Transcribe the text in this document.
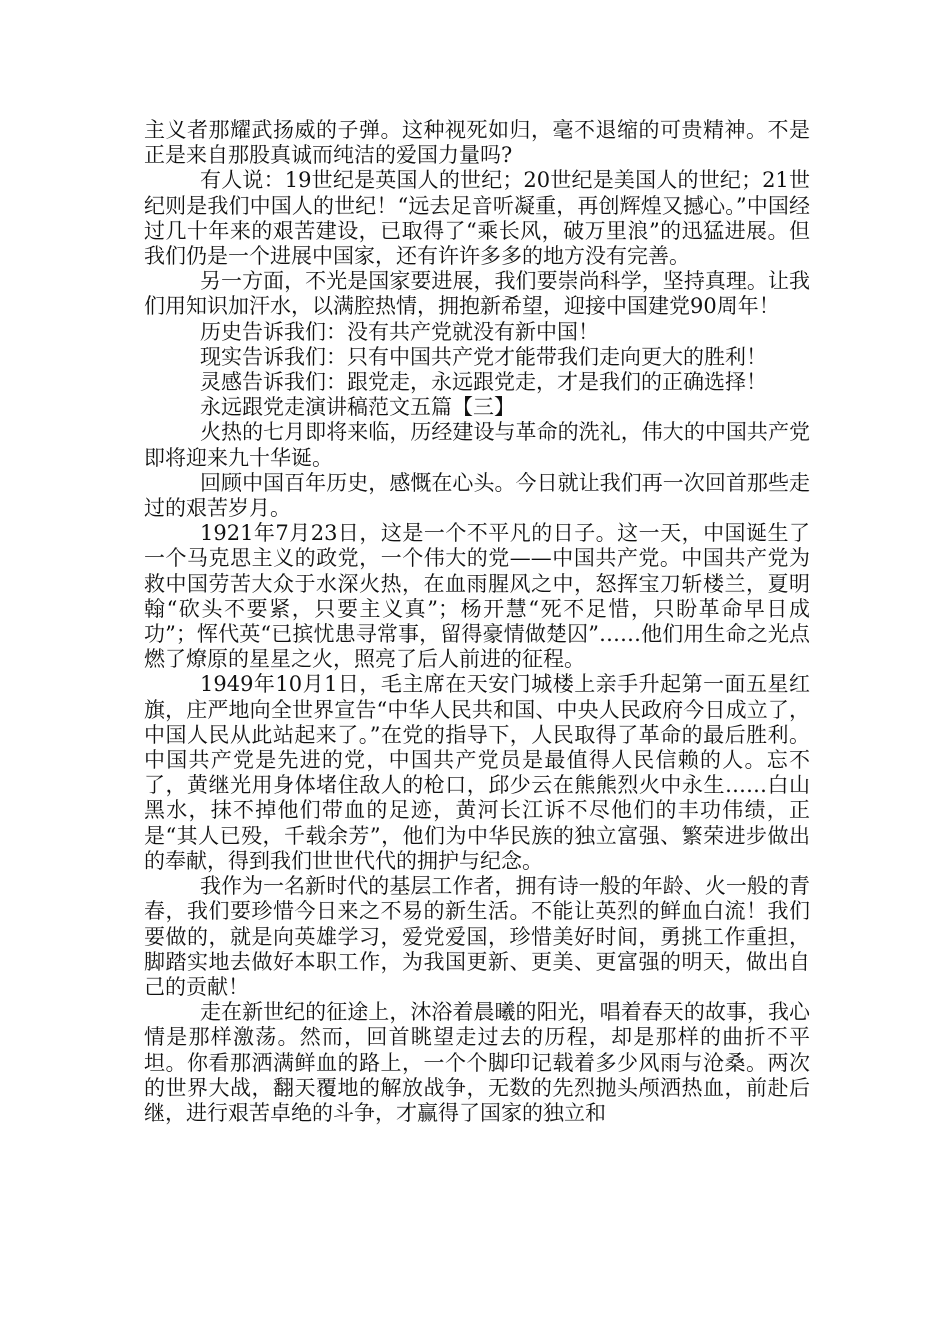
主义者那耀武扬威的子弹。这种视死如归，毫不退缩的可贵精神。不是正是来自那股真诚而纯洁的爱国力量吗?

有人说：19世纪是英国人的世纪；20世纪是美国人的世纪；21世纪则是我们中国人的世纪！“远去足音听凝重，再创辉煌又撼心。”中国经过几十年来的艰苦建设，已取得了“乘长风，破万里浪”的迅猛进展。但我们仍是一个进展中国家，还有许许多多的地方没有完善。

另一方面，不光是国家要进展，我们要崇尚科学，坚持真理。让我们用知识加汗水，以满腔热情，拥抱新希望，迎接中国建党90周年！

历史告诉我们：没有共产党就没有新中国！

现实告诉我们：只有中国共产党才能带我们走向更大的胜利！

灵感告诉我们：跟党走，永远跟党走，才是我们的正确选择！

永远跟党走演讲稿范文五篇【三】

火热的七月即将来临，历经建设与革命的洗礼，伟大的中国共产党即将迎来九十华诞。

回顾中国百年历史，感慨在心头。今日就让我们再一次回首那些走过的艰苦岁月。

1921年7月23日，这是一个不平凡的日子。这一天，中国诞生了一个马克思主义的政党，一个伟大的党——中国共产党。中国共产党为救中国劳苦大众于水深火热，在血雨腥风之中，怒挥宝刀斩楼兰，夏明翰“砍头不要紧，只要主义真”；杨开慧“死不足惜，只盼革命早日成功”；恽代英“已摈忧患寻常事，留得豪情做楚囚”……他们用生命之光点燃了燎原的星星之火，照亮了后人前进的征程。

1949年10月1日，毛主席在天安门城楼上亲手升起第一面五星红旗，庄严地向全世界宣告“中华人民共和国、中央人民政府今日成立了，中国人民从此站起来了。”在党的指导下，人民取得了革命的最后胜利。中国共产党是先进的党，中国共产党员是最值得人民信赖的人。忘不了，黄继光用身体堵住敌人的枪口，邱少云在熊熊烈火中永生……白山黑水，抹不掉他们带血的足迹，黄河长江诉不尽他们的丰功伟绩，正是“其人已殁，千载余芳”，他们为中华民族的独立富强、繁荣进步做出的奉献，得到我们世世代代的拥护与纪念。

我作为一名新时代的基层工作者，拥有诗一般的年龄、火一般的青春，我们要珍惜今日来之不易的新生活。不能让英烈的鲜血白流！我们要做的，就是向英雄学习，爱党爱国，珍惜美好时间，勇挑工作重担，脚踏实地去做好本职工作，为我国更新、更美、更富强的明天，做出自己的贡献！

走在新世纪的征途上，沐浴着晨曦的阳光，唱着春天的故事，我心情是那样激荡。然而，回首眺望走过去的历程，却是那样的曲折不平坦。你看那洒满鲜血的路上，一个个脚印记载着多少风雨与沧桑。两次的世界大战，翻天覆地的解放战争，无数的先烈抛头颅洒热血，前赴后继，进行艰苦卓绝的斗争，才赢得了国家的独立和
